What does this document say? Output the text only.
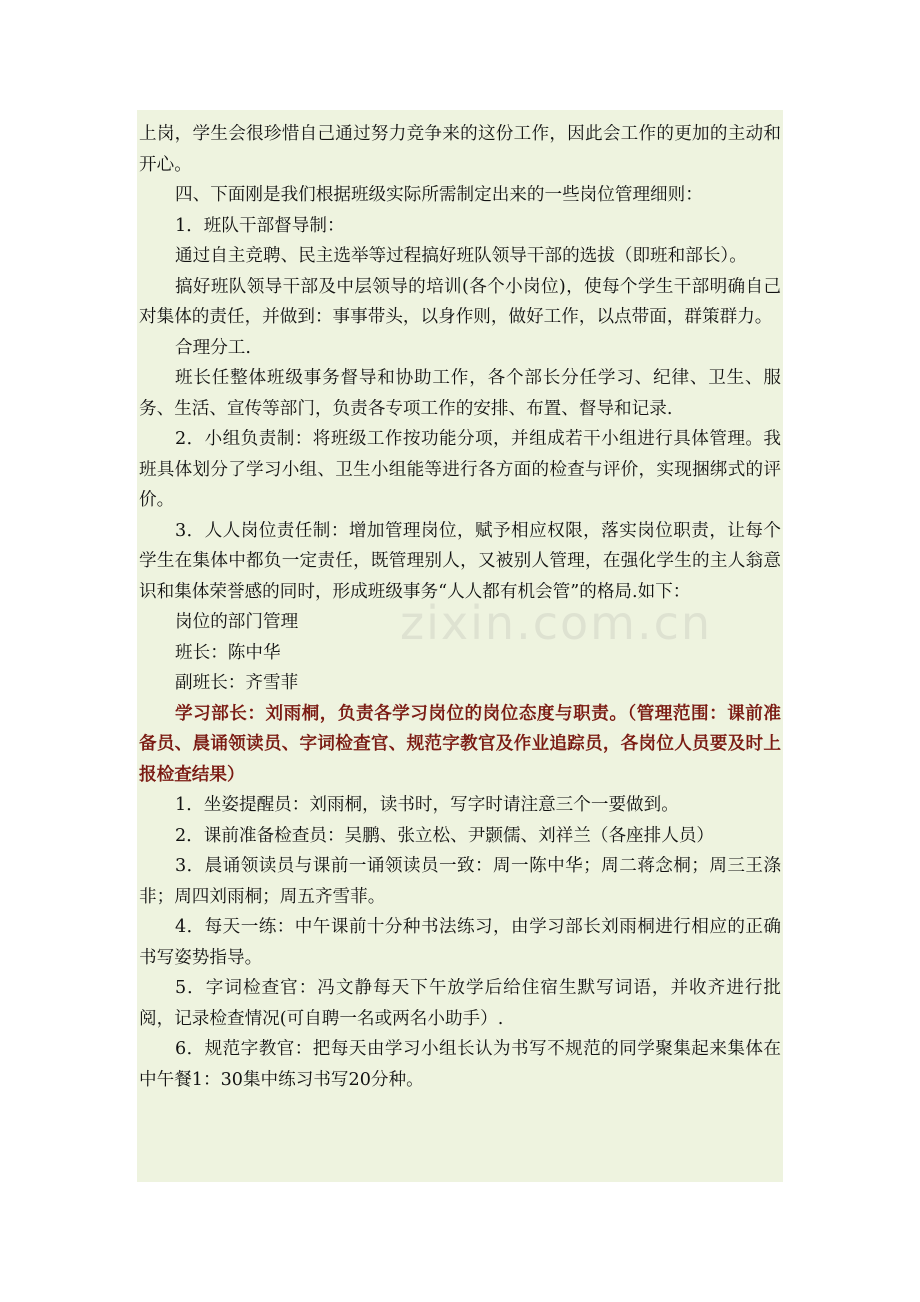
上岗，学生会很珍惜自己通过努力竞争来的这份工作，因此会工作的更加的主动和开心。

四、下面刚是我们根据班级实际所需制定出来的一些岗位管理细则：

1．班队干部督导制：

通过自主竞聘、民主选举等过程搞好班队领导干部的选拔（即班和部长）。

搞好班队领导干部及中层领导的培训(各个小岗位)，使每个学生干部明确自己对集体的责任，并做到：事事带头，以身作则，做好工作，以点带面，群策群力。

合理分工.

班长任整体班级事务督导和协助工作，各个部长分任学习、纪律、卫生、服务、生活、宣传等部门，负责各专项工作的安排、布置、督导和记录.

2．小组负责制：将班级工作按功能分项，并组成若干小组进行具体管理。我班具体划分了学习小组、卫生小组能等进行各方面的检查与评价，实现捆绑式的评价。

3．人人岗位责任制：增加管理岗位，赋予相应权限，落实岗位职责，让每个学生在集体中都负一定责任，既管理别人，又被别人管理，在强化学生的主人翁意识和集体荣誉感的同时，形成班级事务“人人都有机会管”的格局.如下：

岗位的部门管理

班长：陈中华

副班长：齐雪菲

学习部长：刘雨桐，负责各学习岗位的岗位态度与职责。（管理范围：课前准备员、晨诵领读员、字词检查官、规范字教官及作业追踪员，各岗位人员要及时上报检查结果）

1．坐姿提醒员：刘雨桐，读书时，写字时请注意三个一要做到。

2．课前准备检查员：吴鹏、张立松、尹颢儒、刘祥兰（各座排人员）

3．晨诵领读员与课前一诵领读员一致：周一陈中华；周二蒋念桐；周三王涤非；周四刘雨桐；周五齐雪菲。

4．每天一练：中午课前十分种书法练习，由学习部长刘雨桐进行相应的正确书写姿势指导。

5．字词检查官：冯文静每天下午放学后给住宿生默写词语，并收齐进行批阅，记录检查情况(可自聘一名或两名小助手）.

6．规范字教官：把每天由学习小组长认为书写不规范的同学聚集起来集体在中午餐1：30集中练习书写20分种。
